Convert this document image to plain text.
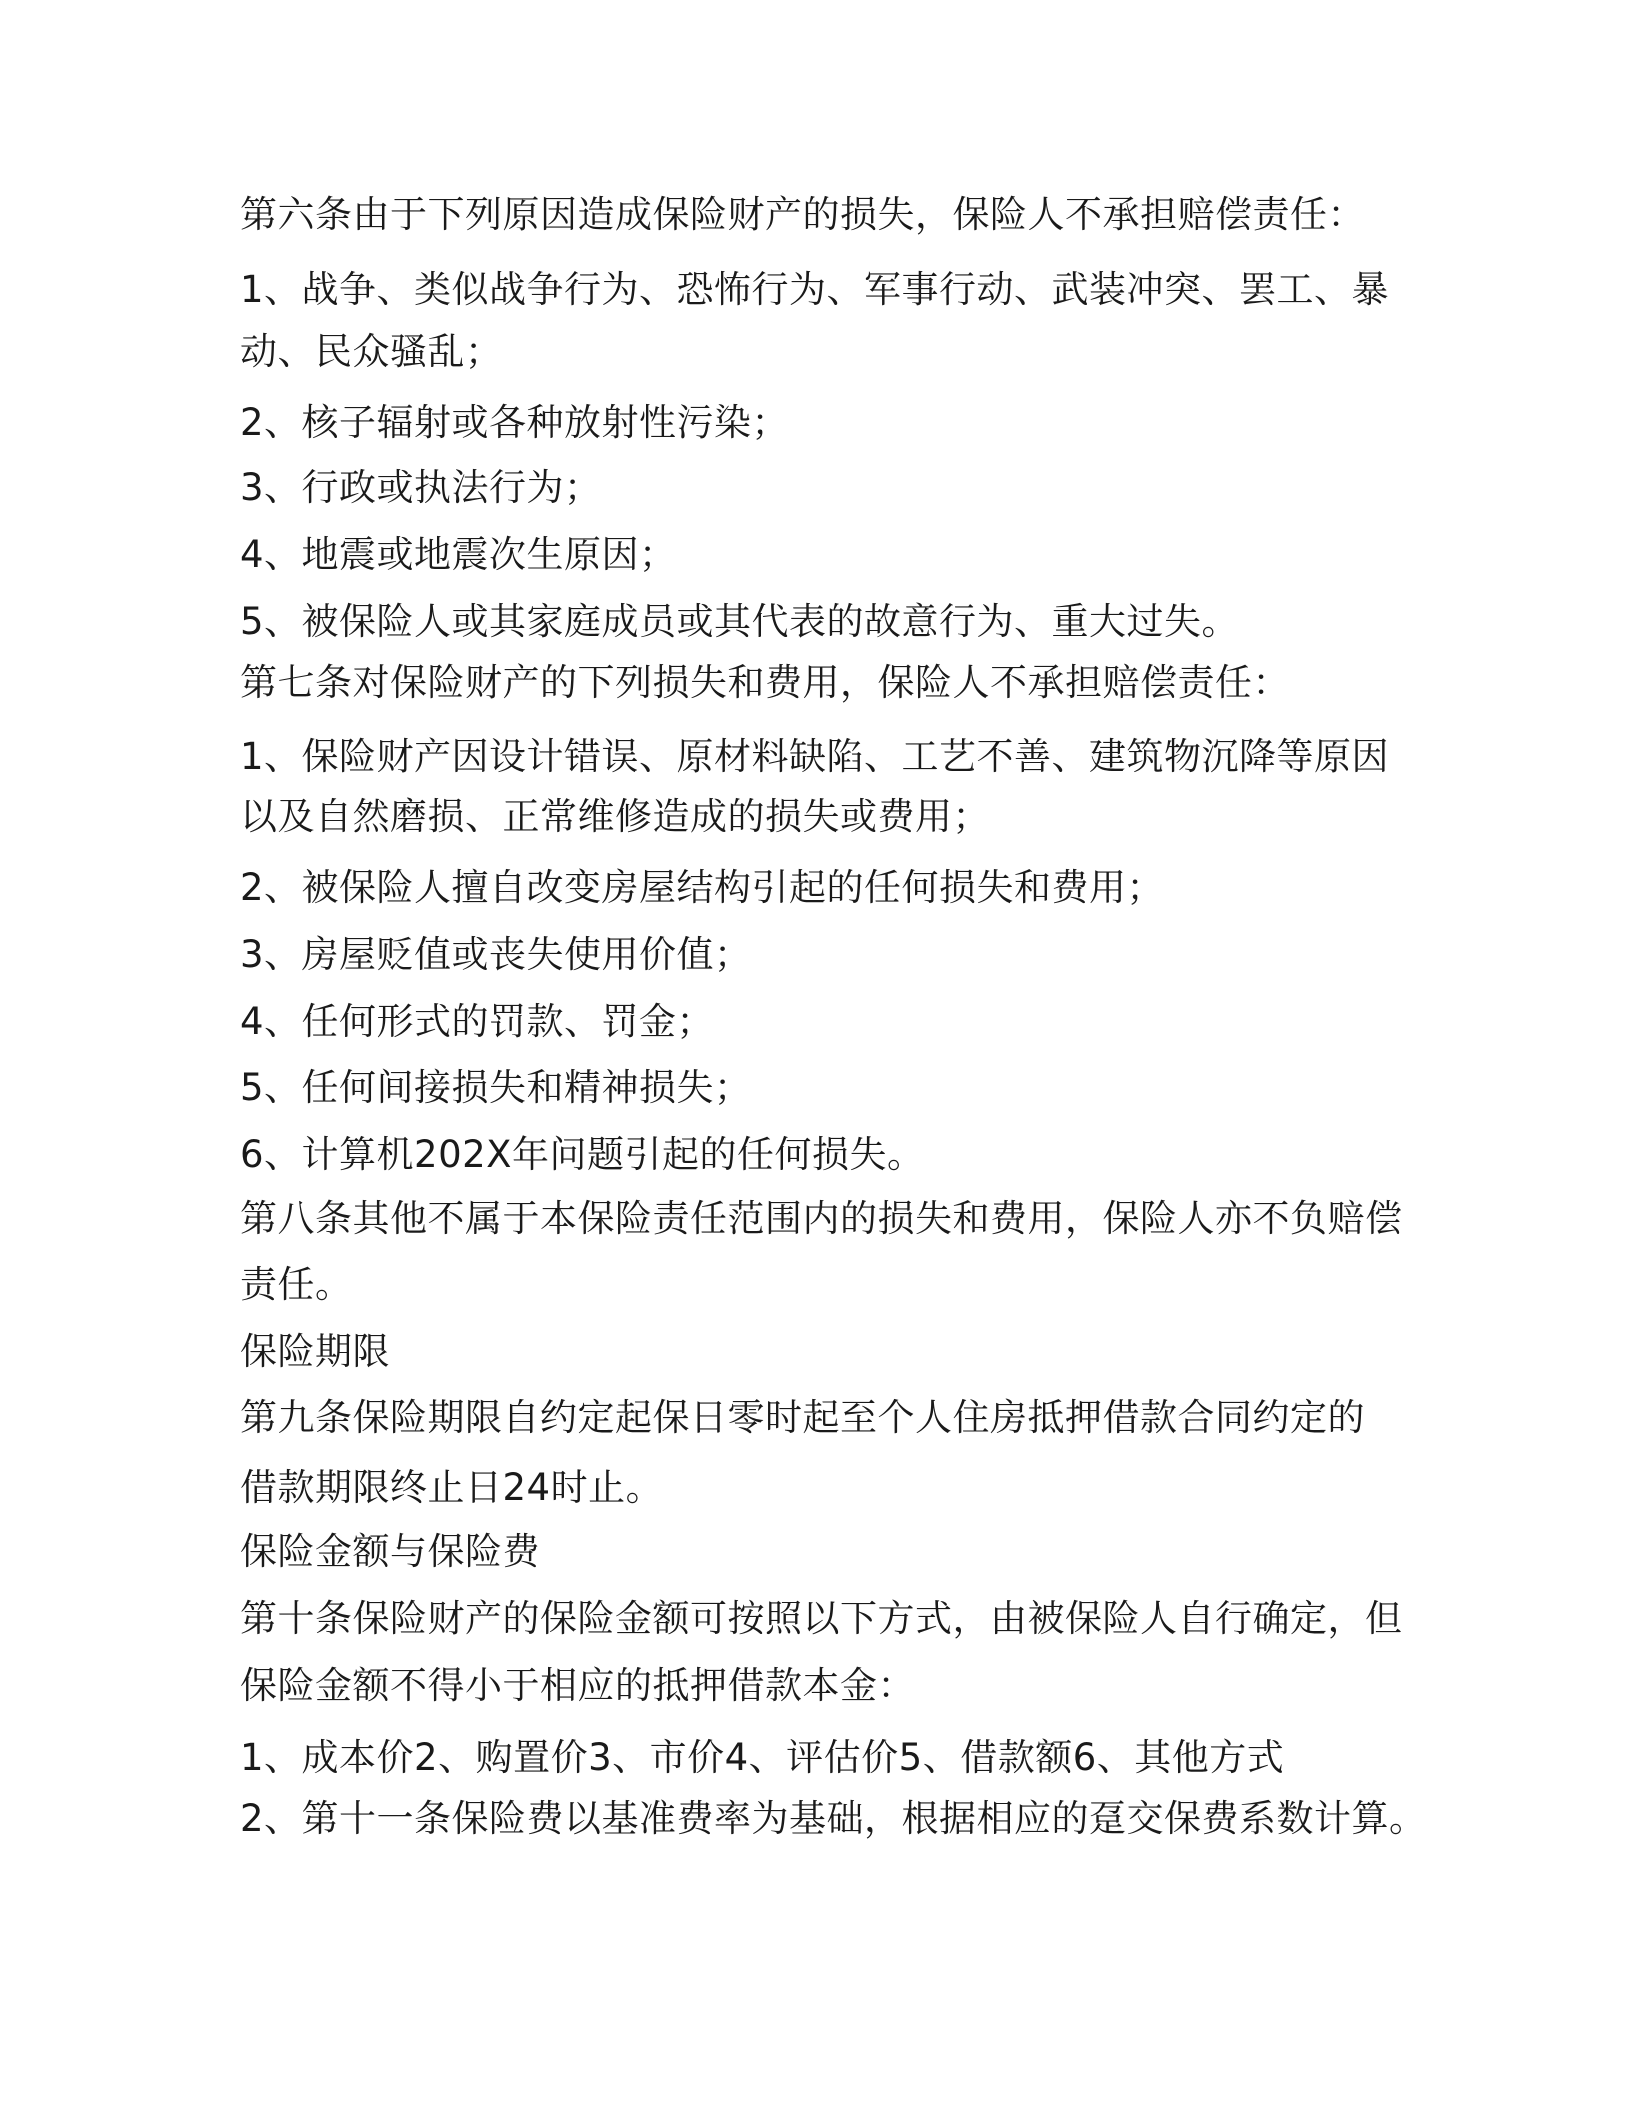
第六条由于下列原因造成保险财产的损失，保险人不承担赔偿责任：
1、战争、类似战争行为、恐怖行为、军事行动、武装冲突、罢工、暴
动、民众骚乱；
2、核子辐射或各种放射性污染；
3、行政或执法行为；
4、地震或地震次生原因；
5、被保险人或其家庭成员或其代表的故意行为、重大过失。
第七条对保险财产的下列损失和费用，保险人不承担赔偿责任：
1、保险财产因设计错误、原材料缺陷、工艺不善、建筑物沉降等原因
以及自然磨损、正常维修造成的损失或费用；
2、被保险人擅自改变房屋结构引起的任何损失和费用；
3、房屋贬值或丧失使用价值；
4、任何形式的罚款、罚金；
5、任何间接损失和精神损失；
6、计算机202X年问题引起的任何损失。
第八条其他不属于本保险责任范围内的损失和费用，保险人亦不负赔偿
责任。
保险期限
第九条保险期限自约定起保日零时起至个人住房抵押借款合同约定的
借款期限终止日24时止。
保险金额与保险费
第十条保险财产的保险金额可按照以下方式，由被保险人自行确定，但
保险金额不得小于相应的抵押借款本金：
1、成本价2、购置价3、市价4、评估价5、借款额6、其他方式
2、第十一条保险费以基准费率为基础，根据相应的趸交保费系数计算。
